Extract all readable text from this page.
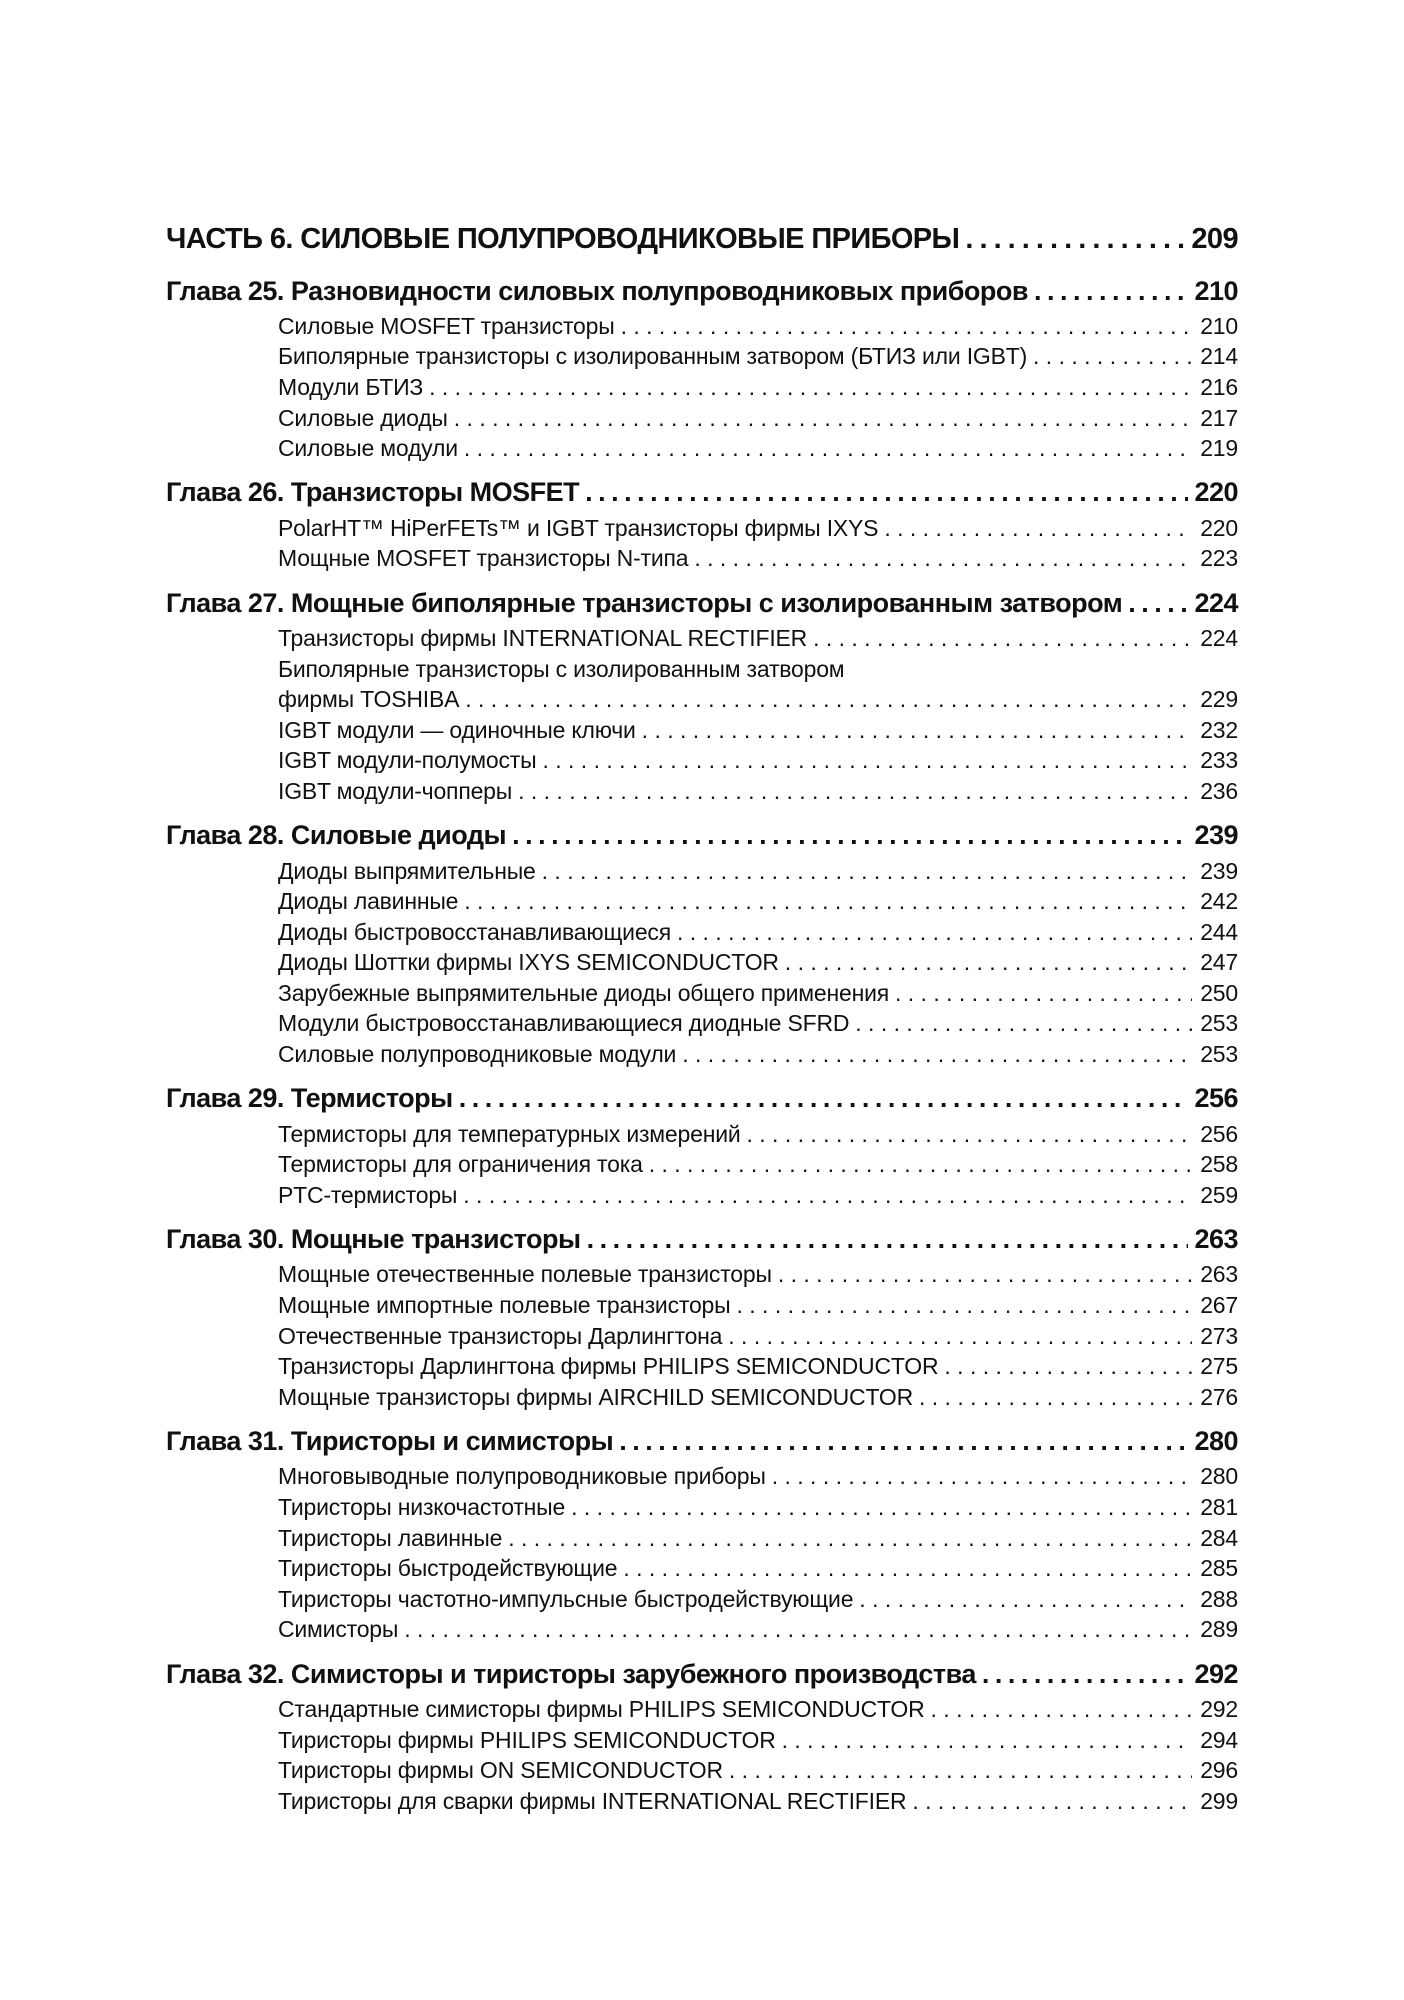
ЧАСТЬ 6. СИЛОВЫЕ ПОЛУПРОВОДНИКОВЫЕ ПРИБОРЫ . . .	209
Глава 25. Разновидности силовых полупроводниковых приборов . . .	210
Силовые MOSFET транзисторы . . .	210
Биполярные транзисторы с изолированным затвором (БТИЗ или IGBT) . . .	214
Модули БТИЗ . . .	216
Силовые диоды . . .	217
Силовые модули . . .	219
Глава 26. Транзисторы MOSFET . . .	220
PolarHT™ HiPerFETs™ и IGBT транзисторы фирмы IXYS . . .	220
Мощные MOSFET транзисторы N-типа . . .	223
Глава 27. Мощные биполярные транзисторы с изолированным затвором . . .	224
Транзисторы фирмы INTERNATIONAL RECTIFIER . . .	224
Биполярные транзисторы с изолированным затвором
фирмы TOSHIBA . . .	229
IGBT модули — одиночные ключи . . .	232
IGBT модули-полумосты . . .	233
IGBT модули-чопперы . . .	236
Глава 28. Силовые диоды . . .	239
Диоды выпрямительные . . .	239
Диоды лавинные . . .	242
Диоды быстровосстанавливающиеся . . .	244
Диоды Шоттки фирмы IXYS SEMICONDUCTOR . . .	247
Зарубежные выпрямительные диоды общего применения . . .	250
Модули быстровосстанавливающиеся диодные SFRD . . .	253
Силовые полупроводниковые модули . . .	253
Глава 29. Термисторы . . .	256
Термисторы для температурных измерений . . .	256
Термисторы для ограничения тока . . .	258
PTC-термисторы . . .	259
Глава 30. Мощные транзисторы . . .	263
Мощные отечественные полевые транзисторы . . .	263
Мощные импортные полевые транзисторы . . .	267
Отечественные транзисторы Дарлингтона . . .	273
Транзисторы Дарлингтона фирмы PHILIPS SEMICONDUCTOR . . .	275
Мощные транзисторы фирмы AIRCHILD SEMICONDUCTOR . . .	276
Глава 31. Тиристоры и симисторы . . .	280
Многовыводные полупроводниковые приборы . . .	280
Тиристоры низкочастотные . . .	281
Тиристоры лавинные . . .	284
Тиристоры быстродействующие . . .	285
Тиристоры частотно-импульсные быстродействующие . . .	288
Симисторы . . .	289
Глава 32. Симисторы и тиристоры зарубежного производства . . .	292
Стандартные симисторы фирмы PHILIPS SEMICONDUCTOR . . .	292
Тиристоры фирмы PHILIPS SEMICONDUCTOR . . .	294
Тиристоры фирмы ON SEMICONDUCTOR . . .	296
Тиристоры для сварки фирмы INTERNATIONAL RECTIFIER . . .	299
